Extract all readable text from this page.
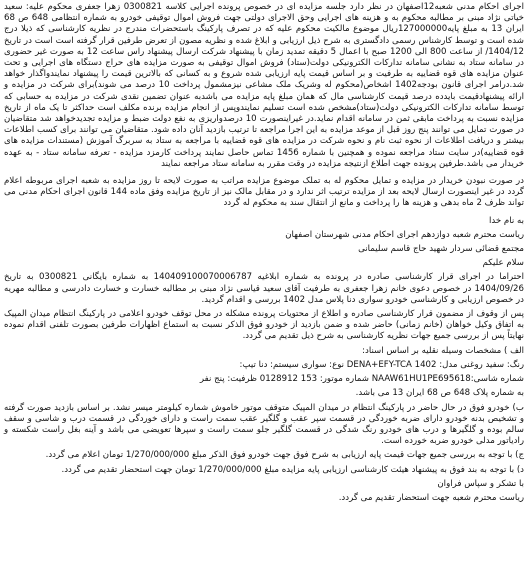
اجرای احکام مدنی شعبه12اصفهان در نظر دارد جلسه مزایده ای در خصوص پرونده اجرایی کلاسه 0300821 زهرا جعفری محکوم علیه: سعید خیاتی نژاد مبنی بر مطالبه محکوم به و هزینه های اجرایی وحق الاجرای دولتی جهت فروش اموال توقیفی خودرو به شماره انتظامی 648 ص 68 ایران 13 به مبلغ پایه127000000ریال موضوع مالکیت محکوم علیه که در تصرف پارکینگ باستحضرات مندرج در نظریه کارشناسی که ذیلا درج شده است و توسط کارشناس رسمی دادگستری به شرح ذیل ارزیابی و ابلاغ شده و نظریه مصون از تعرض طرفین قرار گرفته است است در تاریخ 1404/12/ از ساعت 800 الی 1200 صبح با اعمال 5 دقیقه تمدید زمان با پیشنهاد شرکت ارسال پیشنهاد راس ساعت 12 به صورت غیر حضوری در سامانه ستاد به نشانی سامانه تدارکات الکترونیکی دولت(ستاد) فروش اموال توقیفی به صورت مزایده های حراج دستگاه های اجرایی و تحت عنوان مزایده های قوه قضاییه به طرفیت و بر اساس قیمت پایه ارزیابی شده شروع و به کسانی که بالاترین قیمت را پیشنهاد نمایندواگذار خواهد شد.درامر اجرای قانون بودجه1402 اشخاص(محکوم له وشریک ملک مشاعی نیزمشمول پرداخت 10 درصد می شوند)برای شرکت در مزایده و ارائه پیشنهادقیمت بایدده درصد قیمت کارشناسی مال که همان مبلغ پایه مزایده می باشدبه عنوان تضمین نقدی شرکت در مزایده به حسابی که توسط سامانه تدارکات الکترونیکی دولت(ستاد)مشخص شده است تسلیم نمایندوپس از انجام مزایده برنده مکلف است حداکثر تا یک ماه از تاریخ مزایده نسبت به پرداخت مابقی ثمن در سامانه اقدام نماید.در غیراینصورت 10 درصدواریزی به نفع دولت ضبط و مزایده تجدیدخواهد شد متقاضیان در صورت تمایل می توانند پنج روز قبل از موعد مزایده به این اجرا مراجعه تا ترتیب بازدید آنان داده شود. متقاضیان می توانند برای کسب اطلاعات بیشتر و دریافت اطلاعات از نحوه ثبت نام و نحوه شرکت در مزایده های قوه قضاییه با مراجعه به ستاد به سربرگ آموزش (مستندات مزایده های قوه قضاییه)در سایت ستاد مراجعه نموده و همچنین با شماره 1456 تماس حاصل نمایند پرداخت کارمزد مزایده - تعرفه سامانه ستاد - به عهده خریدار می باشد.طرفین پرونده جهت اطلاع ازنتیجه مزایده در وقت مقرر به سامانه ستاد مراجعه نمایند

در صورت نبودن خریدار در مزایده و تمایل محکوم له به تملک موضوع مزایده مراتب به صورت لایحه تا روز مزایده به شعبه اجرای مربوطه اعلام گردد در غیر اینصورت ارسال لایحه بعد از مزایده ترتیب اثر ندارد و در مقابل مالک نیز از تاریخ مزایده وفق ماده 144 قانون اجرای احکام مدنی می تواند ظرف 2 ماه بدهی و هزینه ها را پرداخت و مانع از انتقال سند به محکوم له گردد

به نام خدا

ریاست محترم شعبه دوازدهم اجرای احکام مدنی شهرستان اصفهان

مجتمع قضائی سردار شهید حاج قاسم سلیمانی

سلام علیکم

احتراما در اجرای قرار کارشناسی صادره در پرونده به شماره ابلاغیه 140409100070006787 به شماره بایگانی 0300821 به تاریخ 1404/09/26 در خصوص دعوی خانم زهرا جعفری به طرفیت آقای سعید قیاسی نژاد مبنی بر مطالبه خسارت و خسارت دادرسی و مطالبه مهریه در خصوص ارزیابی و کارشناسی خودرو سواری دنا پلاس مدل 1402 بررسی و اقدام گردید.

پس از وقوف از مضمون قرار کارشناسی صادره و اطلاع از محتویات پرونده مشکله در محل توقف خودرو اعلامی در پارکینگ انتظام میدان المپیک به اتفاق وکیل خواهان (خانم زمانی) حاضر شده و ضمن بازدید از خودرو فوق الذکر نسبت به استماع اظهارات طرفین بصورت تلفنی اقدام نموده نهایتاً پس از بررسی جمیع جهات نظریه کارشناسی به شرح ذیل تقدیم می گردد.

الف ) مشخصات وسیله نقلیه بر اساس اسناد:

رنگ: سفید روغنی مدل: 1402 DENA+EFY-TCA نوع: سواری سیستم: دنا تیپ:

شماره شاسی:NAAW61HU1PE695618 شماره موتور: 153 0128912 ظرفیت: پنج نفر

به شماره پلاک 648 ص 68 ایران 13 می باشد.

ب) خودرو فوق در حال حاضر در پارکینگ انتظام در میدان المپیک متوقف موتور خاموش شماره کیلومتر میسر نشد. بر اساس بازدید صورت گرفته و تشخیص بدنه خودرو دارای ضربه خوردگی در قسمت سپر عقب و گلگیر عقب سمت راست و دارای خوردگی در قسمت درب و شاسی و سقف سالم بوده و گلگیرها و درب های خودرو رنگ شدگی در قسمت گلگیر جلو سمت راست و سپرها تعویضی می باشد و آینه بغل راست شکسته و رادیاتور مدلی خودرو ضربه خورده است.

ج) با توجه به بررسی جمیع جهات قیمت پایه ارزیابی به شرح فوق جهت خودرو فوق الذکر مبلغ 1/270/000/000 تومان اعلام می گردد.

د) با توجه به بند فوق به پیشنهاد هیئت کارشناسی ارزیابی پایه مزایده مبلغ 1/270/000/000 تومان جهت استحضار تقدیم می گردد.

با تشکر و سپاس فراوان

ریاست محترم شعبه جهت استحضار تقدیم می گردد.
